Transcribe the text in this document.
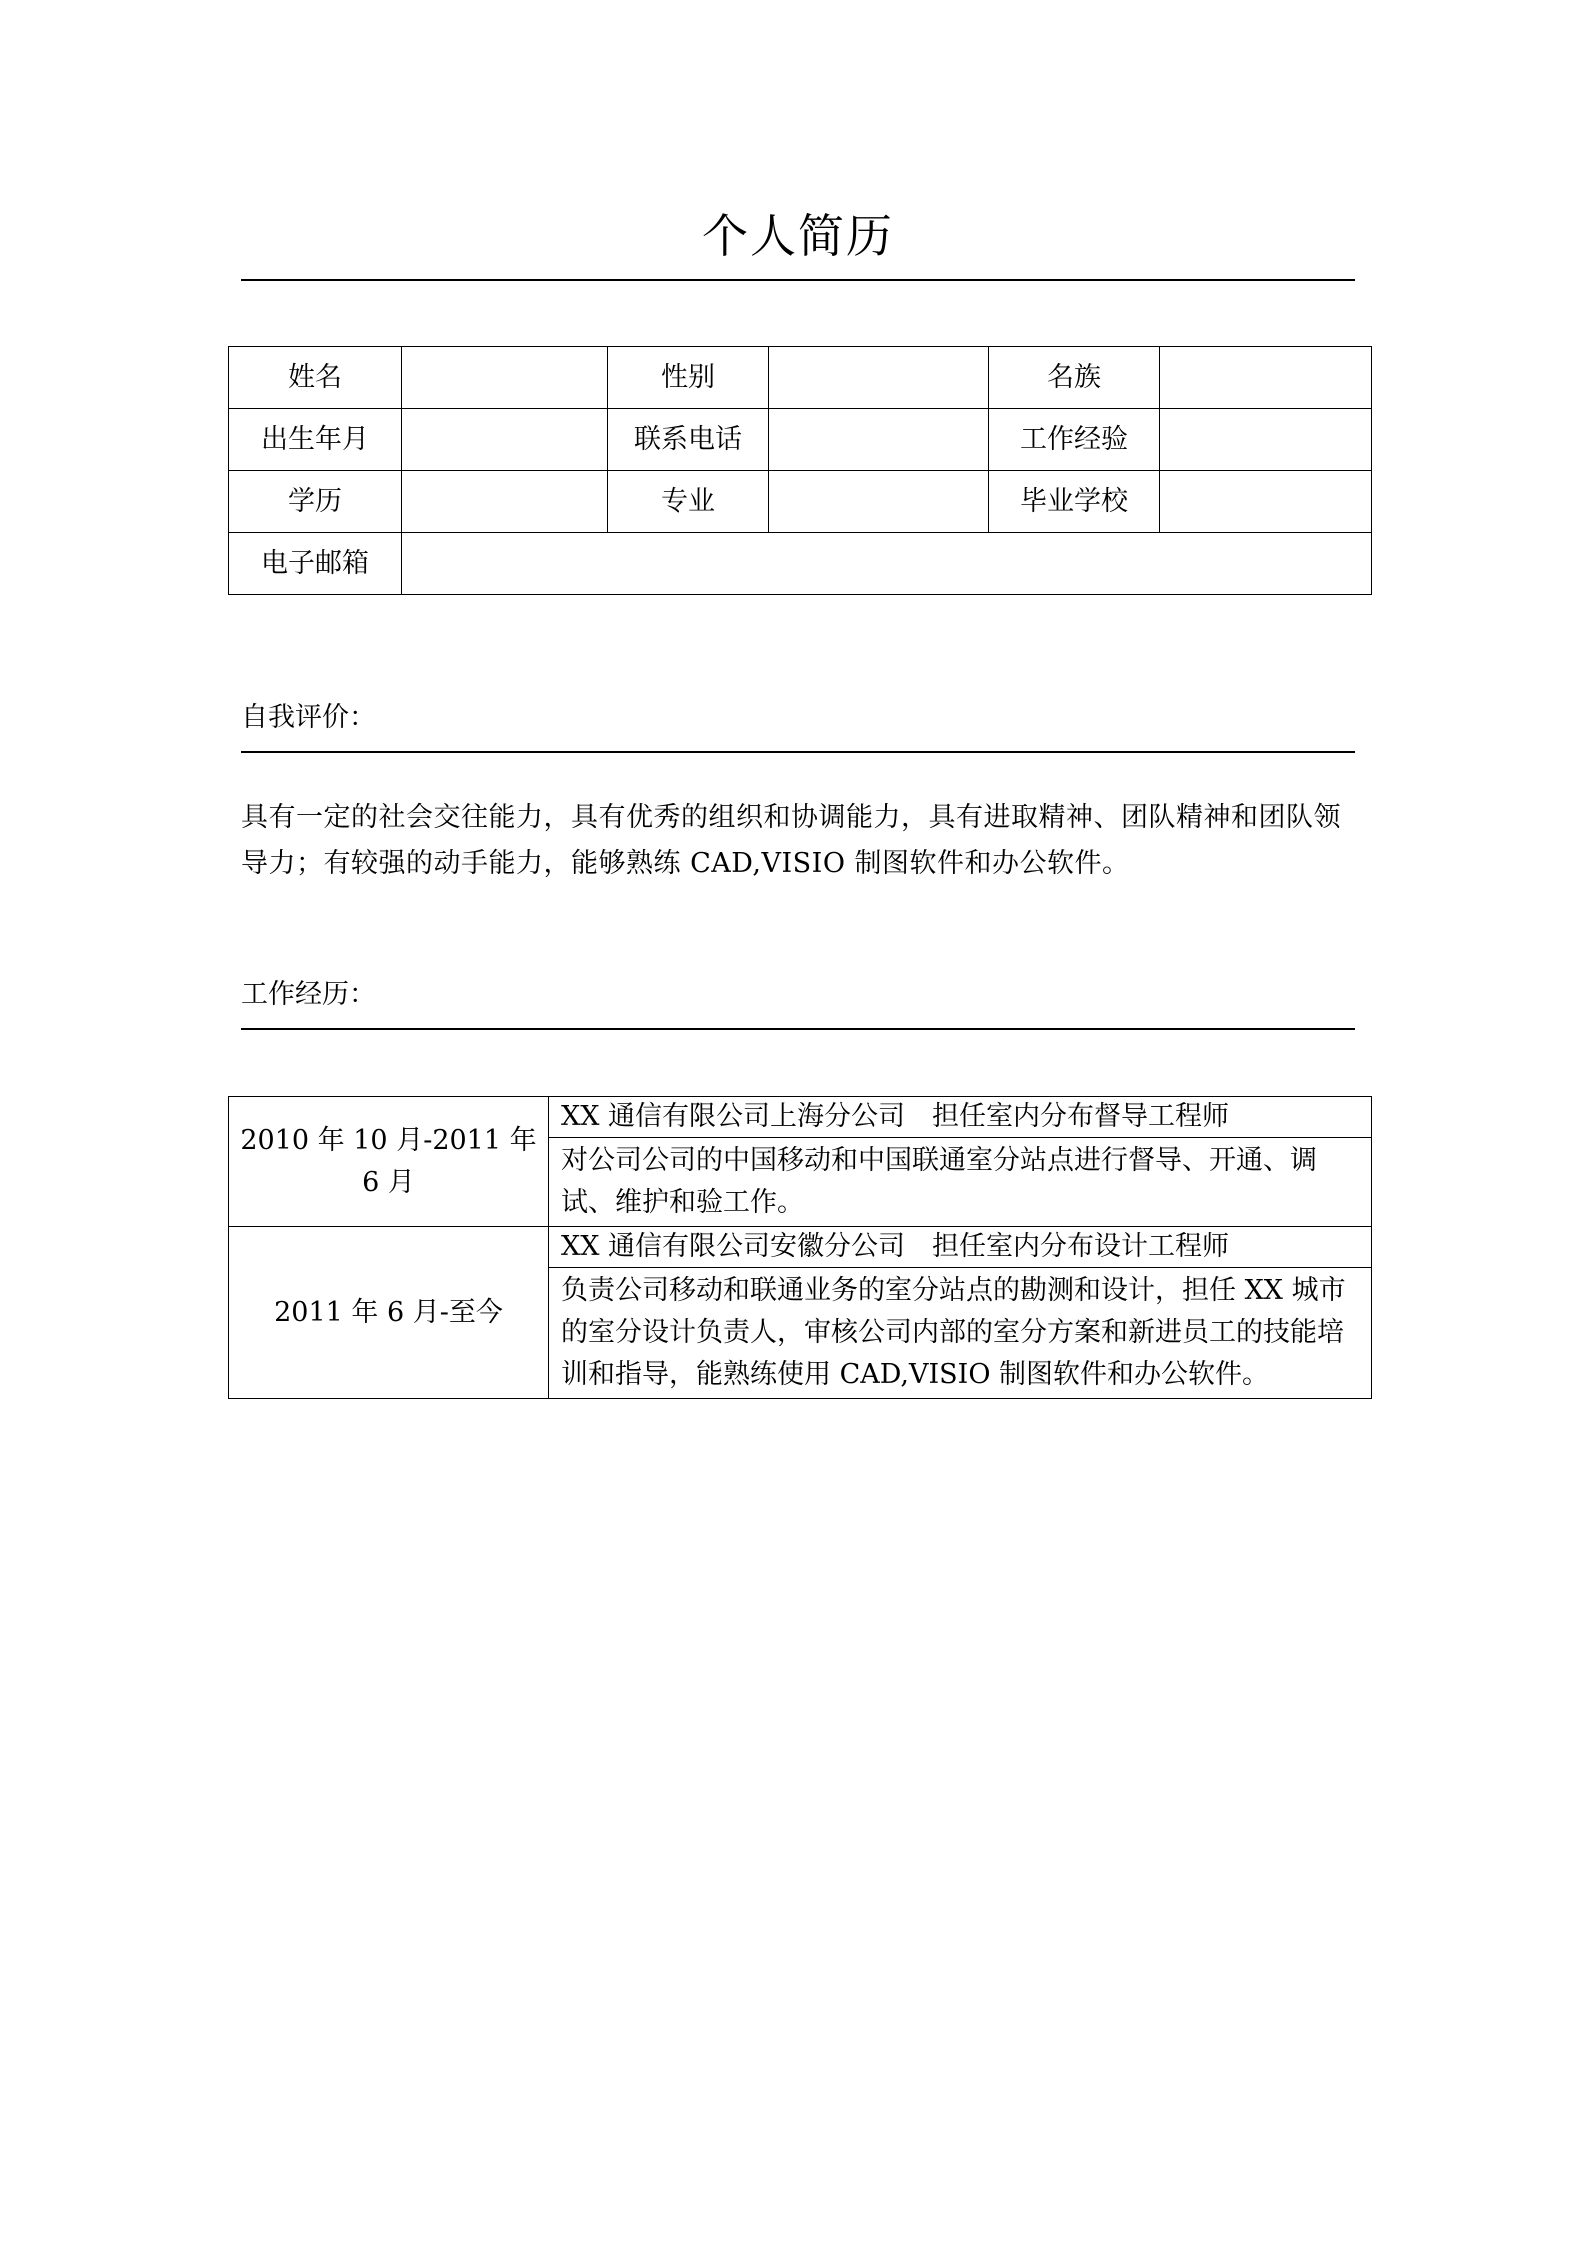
个人简历
姓名		性别		名族	
出生年月		联系电话		工作经验	
学历		专业		毕业学校	
电子邮箱					
自我评价：
具有一定的社会交往能力，具有优秀的组织和协调能力，具有进取精神、团队精神和团队领导力；有较强的动手能力，能够熟练 CAD,VISIO 制图软件和办公软件。
工作经历：
2010 年 10 月-2011 年 6 月	XX 通信有限公司上海分公司　担任室内分布督导工程师
	对公司公司的中国移动和中国联通室分站点进行督导、开通、调试、维护和验工作。
2011 年 6 月-至今	XX 通信有限公司安徽分公司　担任室内分布设计工程师
	负责公司移动和联通业务的室分站点的勘测和设计，担任 XX 城市的室分设计负责人，审核公司内部的室分方案和新进员工的技能培训和指导，能熟练使用 CAD,VISIO 制图软件和办公软件。
